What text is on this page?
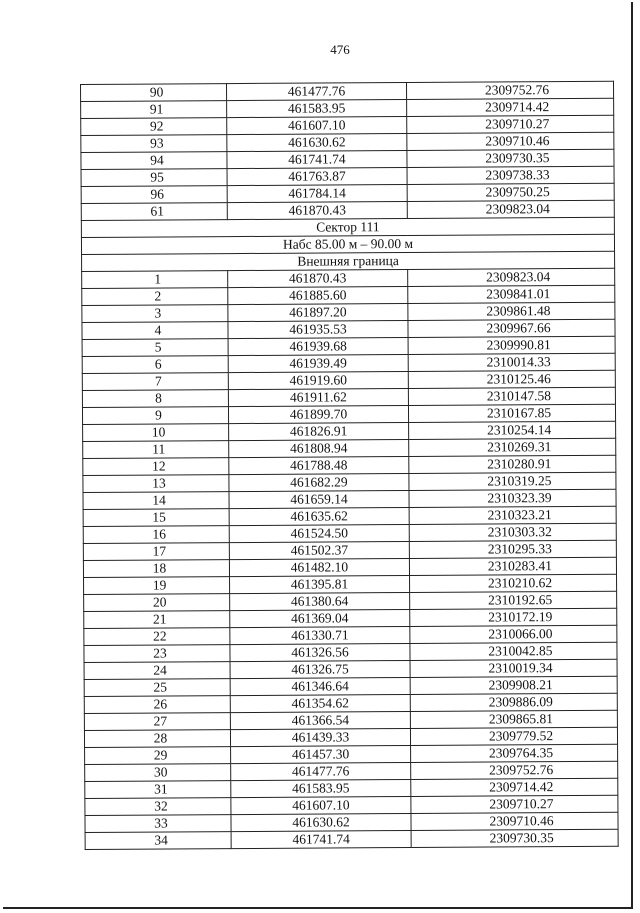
476
90	461477.76	2309752.76
91	461583.95	2309714.42
92	461607.10	2309710.27
93	461630.62	2309710.46
94	461741.74	2309730.35
95	461763.87	2309738.33
96	461784.14	2309750.25
61	461870.43	2309823.04
Сектор 111		
Набс 85.00 м – 90.00 м		
Внешняя граница		
1	461870.43	2309823.04
2	461885.60	2309841.01
3	461897.20	2309861.48
4	461935.53	2309967.66
5	461939.68	2309990.81
6	461939.49	2310014.33
7	461919.60	2310125.46
8	461911.62	2310147.58
9	461899.70	2310167.85
10	461826.91	2310254.14
11	461808.94	2310269.31
12	461788.48	2310280.91
13	461682.29	2310319.25
14	461659.14	2310323.39
15	461635.62	2310323.21
16	461524.50	2310303.32
17	461502.37	2310295.33
18	461482.10	2310283.41
19	461395.81	2310210.62
20	461380.64	2310192.65
21	461369.04	2310172.19
22	461330.71	2310066.00
23	461326.56	2310042.85
24	461326.75	2310019.34
25	461346.64	2309908.21
26	461354.62	2309886.09
27	461366.54	2309865.81
28	461439.33	2309779.52
29	461457.30	2309764.35
30	461477.76	2309752.76
31	461583.95	2309714.42
32	461607.10	2309710.27
33	461630.62	2309710.46
34	461741.74	2309730.35
